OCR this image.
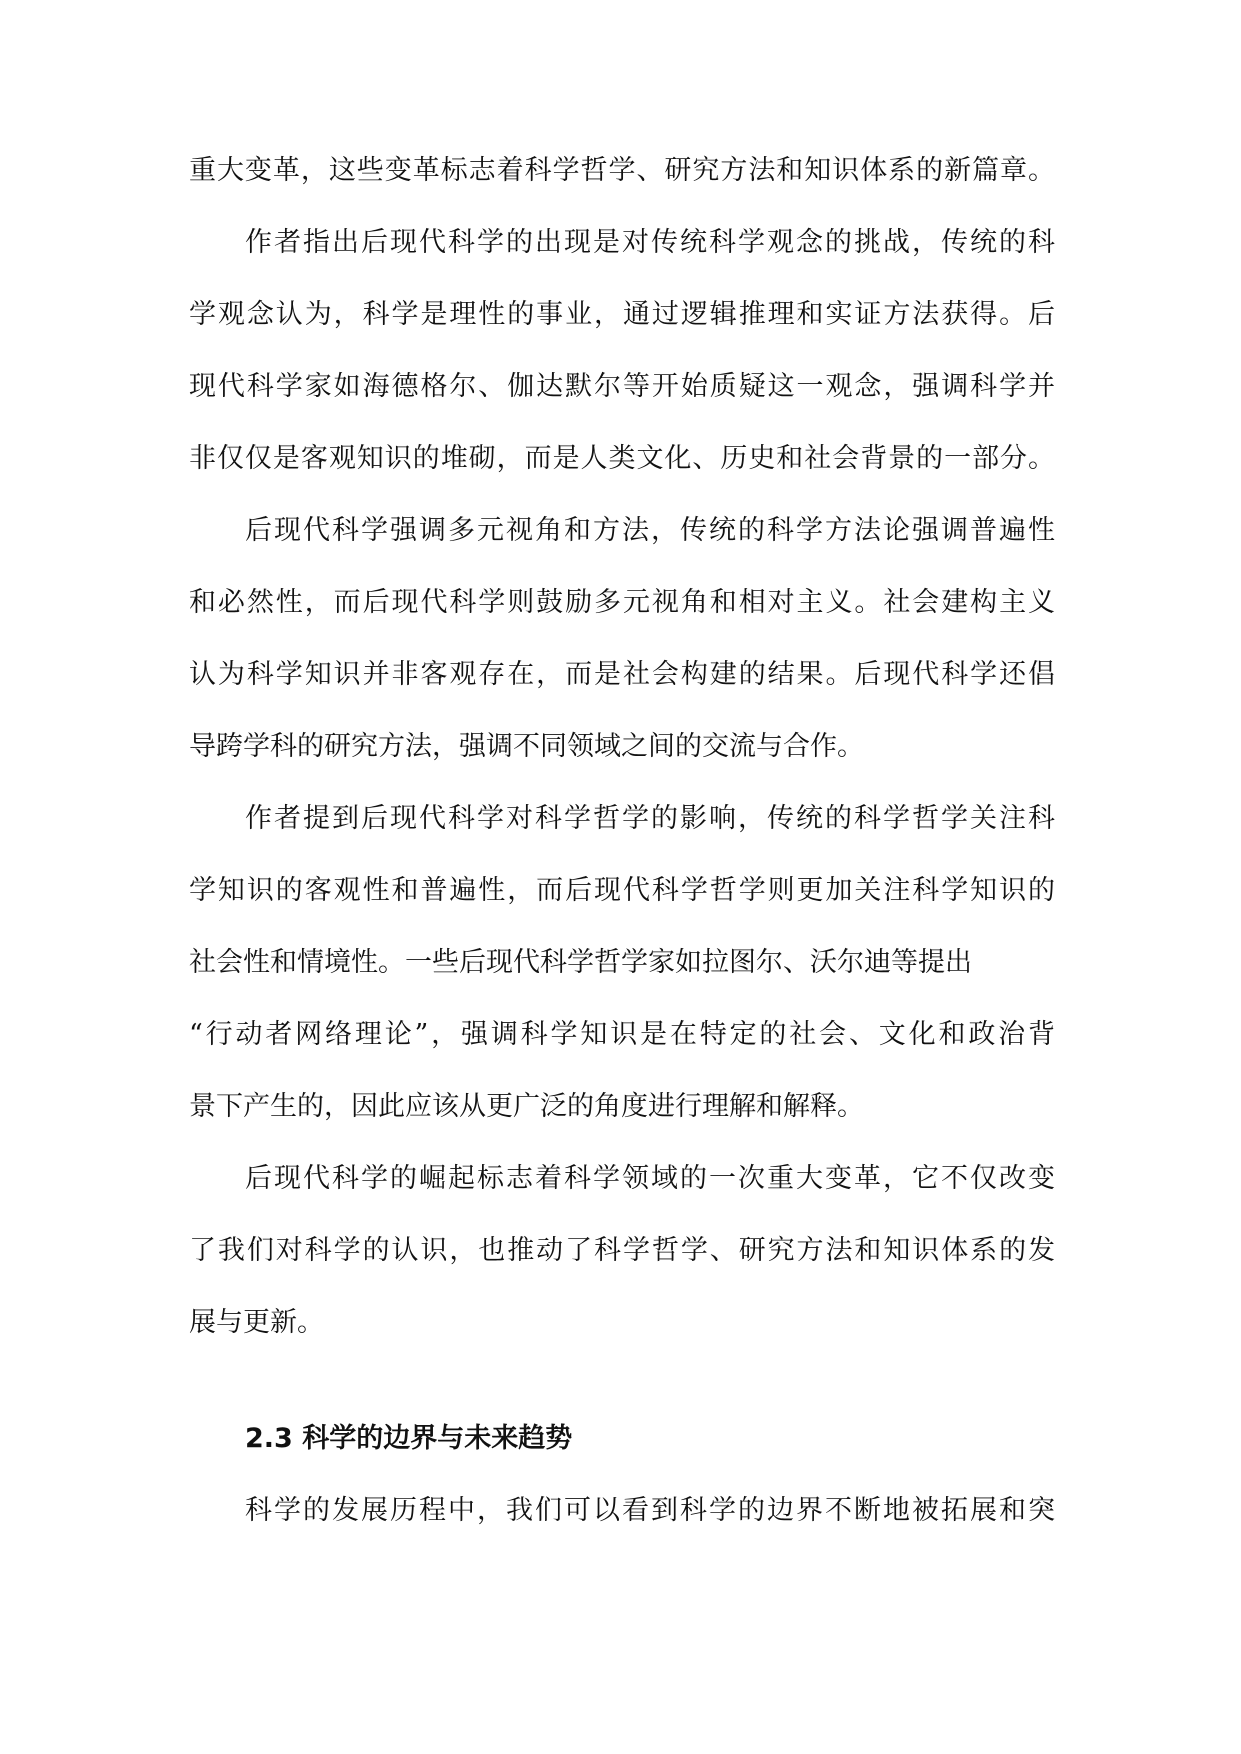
重大变革，这些变革标志着科学哲学、研究方法和知识体系的新篇章。
作者指出后现代科学的出现是对传统科学观念的挑战，传统的科
学观念认为，科学是理性的事业，通过逻辑推理和实证方法获得。后
现代科学家如海德格尔、伽达默尔等开始质疑这一观念，强调科学并
非仅仅是客观知识的堆砌，而是人类文化、历史和社会背景的一部分。
后现代科学强调多元视角和方法，传统的科学方法论强调普遍性
和必然性，而后现代科学则鼓励多元视角和相对主义。社会建构主义
认为科学知识并非客观存在，而是社会构建的结果。后现代科学还倡
导跨学科的研究方法，强调不同领域之间的交流与合作。
作者提到后现代科学对科学哲学的影响，传统的科学哲学关注科
学知识的客观性和普遍性，而后现代科学哲学则更加关注科学知识的
社会性和情境性。一些后现代科学哲学家如拉图尔、沃尔迪等提出
“行动者网络理论”，强调科学知识是在特定的社会、文化和政治背
景下产生的，因此应该从更广泛的角度进行理解和解释。
后现代科学的崛起标志着科学领域的一次重大变革，它不仅改变
了我们对科学的认识，也推动了科学哲学、研究方法和知识体系的发
展与更新。
2.3 科学的边界与未来趋势
科学的发展历程中，我们可以看到科学的边界不断地被拓展和突
